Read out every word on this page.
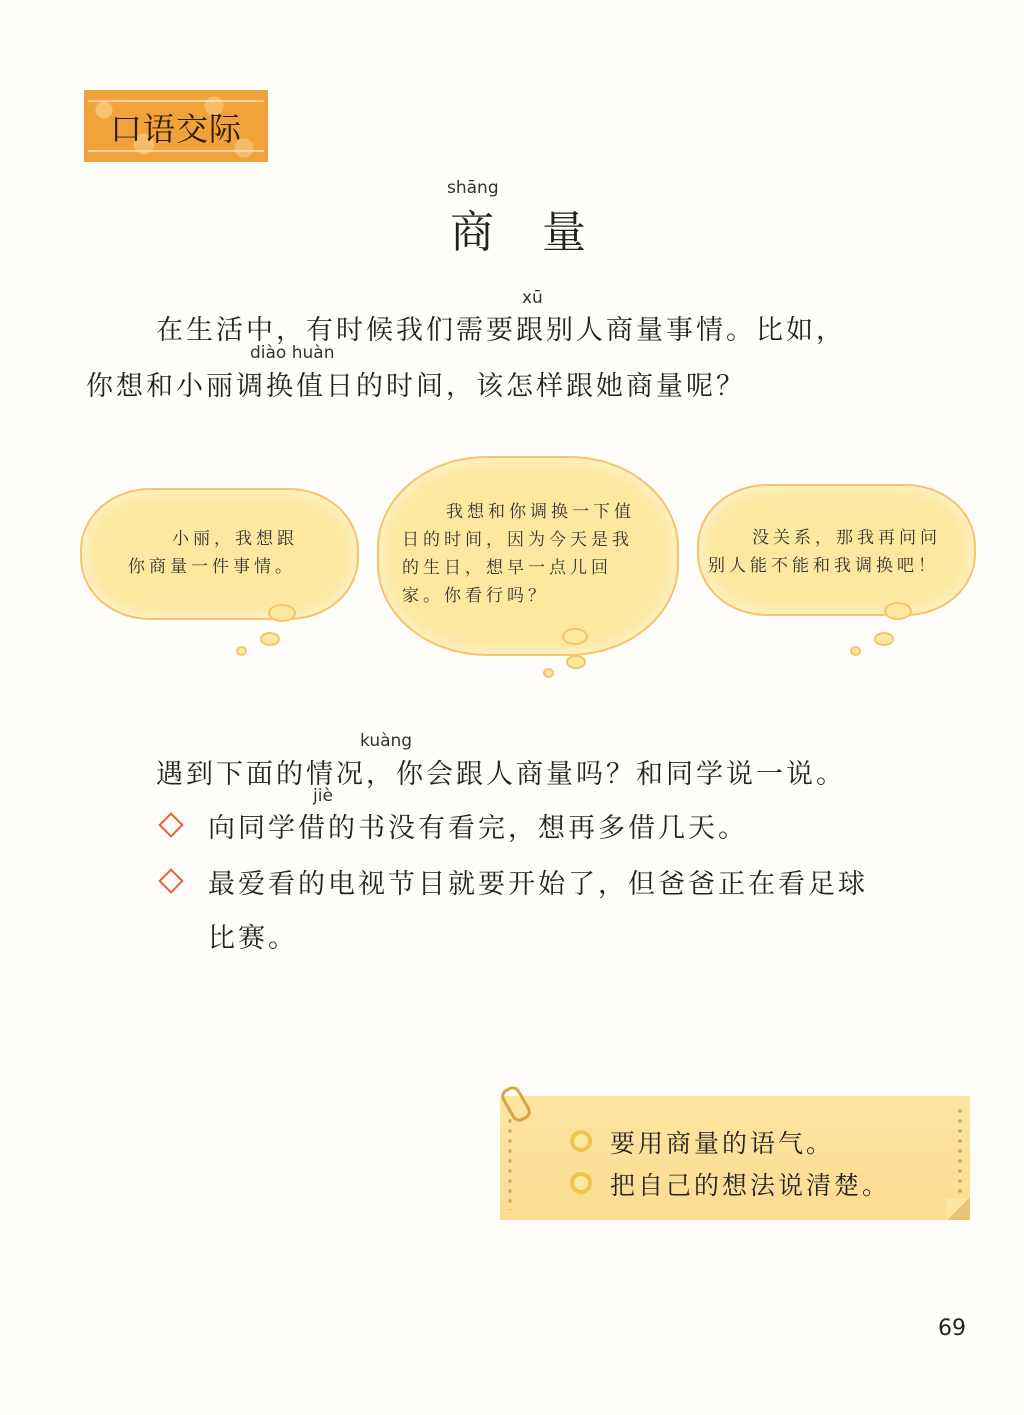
口语交际
shāng
商量
xū
在生活中，有时候我们需要跟别人商量事情。比如，
diào huàn
你想和小丽调换值日的时间，该怎样跟她商量呢？
小丽，我想跟
你商量一件事情。
我想和你调换一下值
日的时间，因为今天是我
的生日，想早一点儿回
家。你看行吗？
没关系，那我再问问
别人能不能和我调换吧！
kuàng
遇到下面的情况，你会跟人商量吗？和同学说一说。
jiè
向同学借的书没有看完，想再多借几天。
最爱看的电视节目就要开始了，但爸爸正在看足球
比赛。
要用商量的语气。
把自己的想法说清楚。
69
